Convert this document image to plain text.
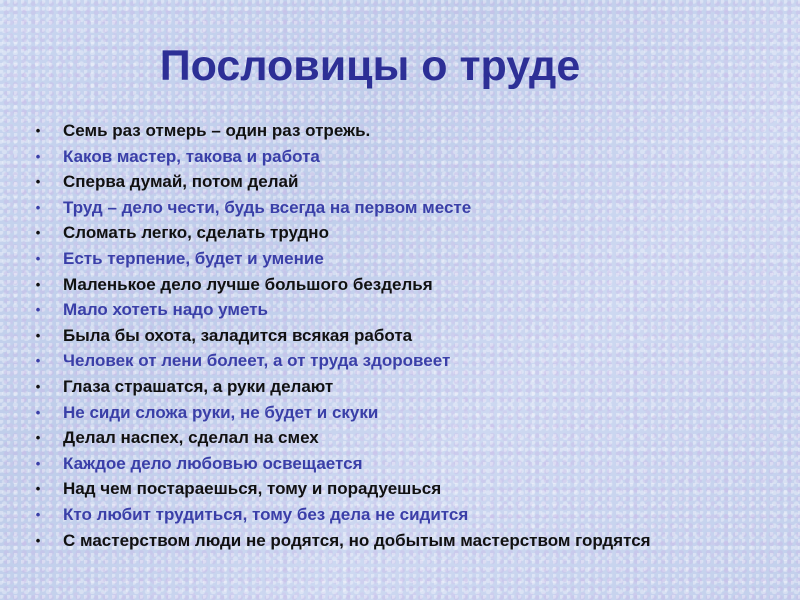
Пословицы о труде
• Семь раз отмерь – один раз отрежь.
• Каков мастер, такова и работа
• Сперва думай, потом делай
• Труд – дело чести, будь всегда на первом месте
• Сломать легко, сделать трудно
• Есть терпение, будет и умение
• Маленькое дело лучше большого безделья
• Мало хотеть надо уметь
• Была бы охота, заладится всякая работа
• Человек от лени болеет, а от труда здоровеет
• Глаза страшатся, а руки делают
• Не сиди сложа руки, не будет и скуки
• Делал наспех, сделал на смех
• Каждое дело любовью освещается
• Над чем постараешься, тому и порадуешься
• Кто любит трудиться, тому без дела не сидится
• С мастерством люди не родятся, но добытым мастерством гордятся
